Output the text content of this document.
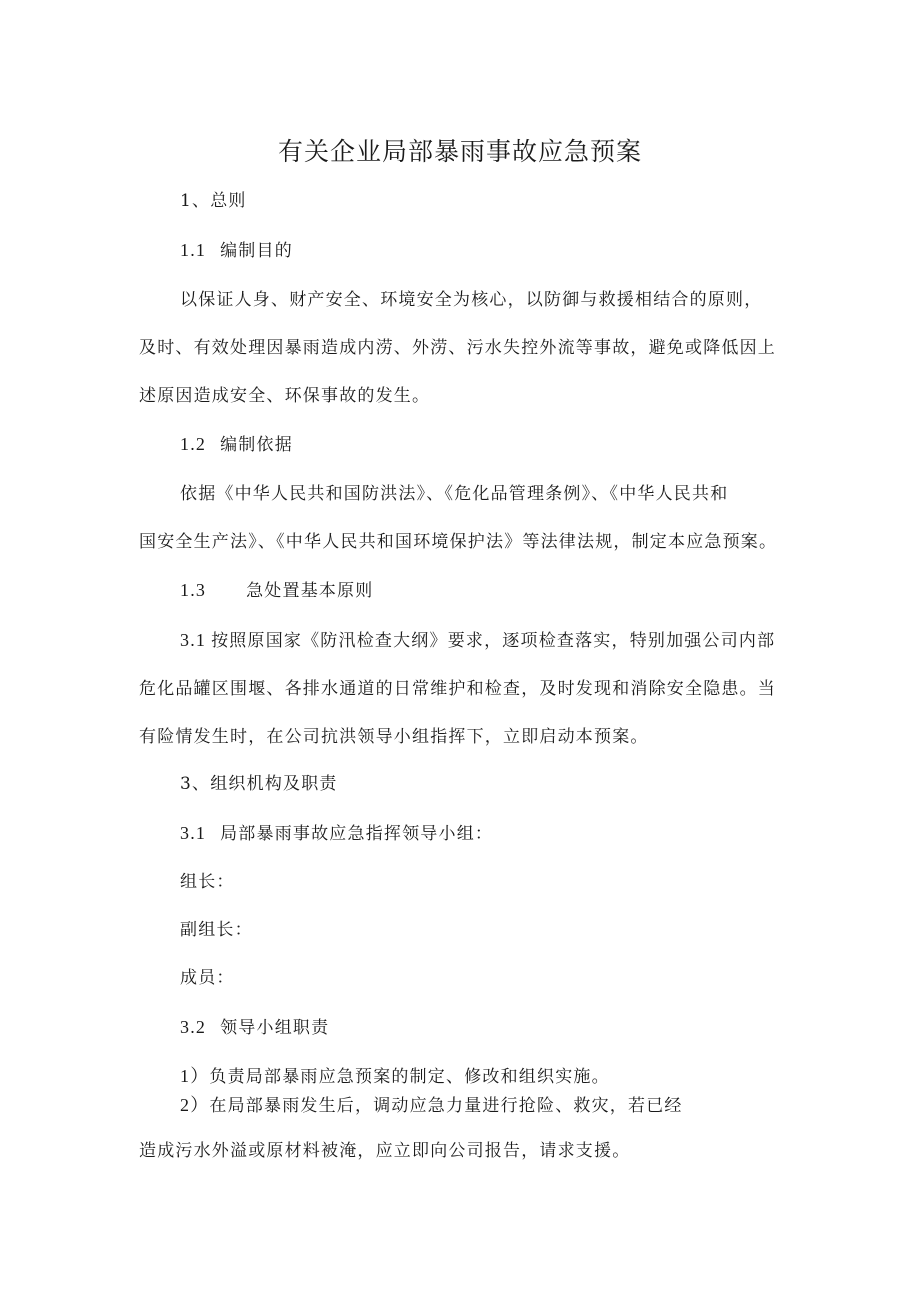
有关企业局部暴雨事故应急预案
1、总则
1.1 编制目的
以保证人身、财产安全、环境安全为核心，以防御与救援相结合的原则，
及时、有效处理因暴雨造成内涝、外涝、污水失控外流等事故，避免或降低因上
述原因造成安全、环保事故的发生。
1.2 编制依据
依据《中华人民共和国防洪法》、《危化品管理条例》、《中华人民共和
国安全生产法》、《中华人民共和国环境保护法》等法律法规，制定本应急预案。
1.3 急处置基本原则
3.1 按照原国家《防汛检查大纲》要求，逐项检查落实，特别加强公司内部
危化品罐区围堰、各排水通道的日常维护和检查，及时发现和消除安全隐患。当
有险情发生时，在公司抗洪领导小组指挥下，立即启动本预案。
3、组织机构及职责
3.1 局部暴雨事故应急指挥领导小组：
组长：
副组长：
成员：
3.2 领导小组职责
1）负责局部暴雨应急预案的制定、修改和组织实施。
2）在局部暴雨发生后，调动应急力量进行抢险、救灾，若已经
造成污水外溢或原材料被淹，应立即向公司报告，请求支援。
